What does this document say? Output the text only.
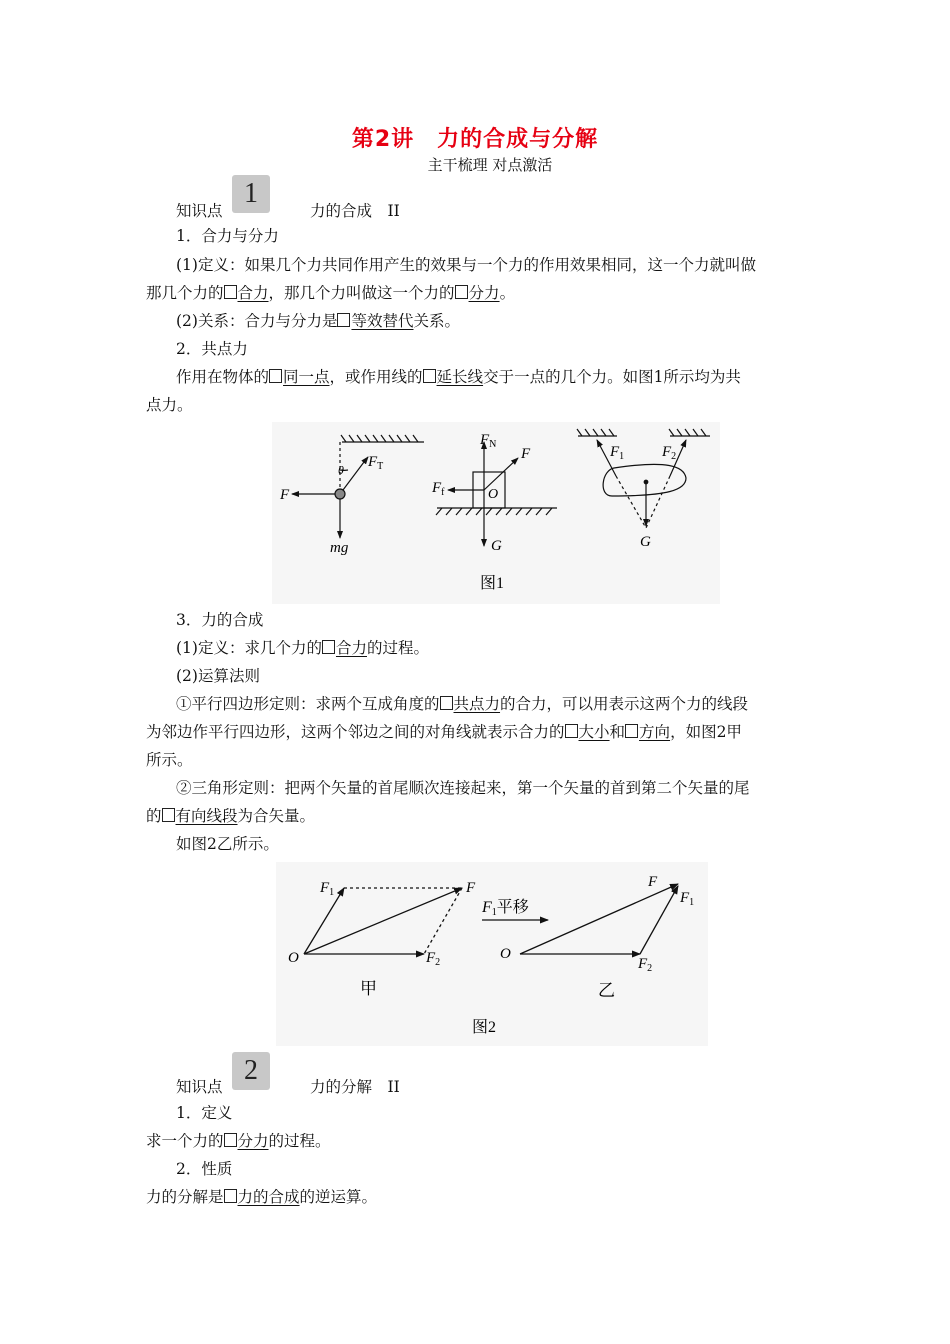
第2讲　力的合成与分解
主干梳理 对点激活
知识点
1
力的合成　II
1．合力与分力
(1)定义：如果几个力共同作用产生的效果与一个力的作用效果相同，这一个力就叫做
那几个力的 合力，那几个力叫做这一个力的 分力。
(2)关系：合力与分力是 等效替代关系。
2．共点力
作用在物体的 同一点，或作用线的 延长线交于一点的几个力。如图1所示均为共
点力。
$F_T$
θ
F
mg
$F_N$
$F_f$
F
O
G
$F_1$	$F_2$
G
图1
3．力的合成
(1)定义：求几个力的 合力的过程。
(2)运算法则
①平行四边形定则：求两个互成角度的 共点力的合力，可以用表示这两个力的线段
为邻边作平行四边形，这两个邻边之间的对角线就表示合力的 大小和 方向，如图2甲
所示。
②三角形定则：把两个矢量的首尾顺次连接起来，第一个矢量的首到第二个矢量的尾
的 有向线段为合矢量。
如图2乙所示。
$F_1$	F
O	$F_2$
F1平移
F
$F_1$
O
$F_2$
甲	乙
图2
知识点
2
力的分解　II
1．定义
求一个力的 分力的过程。
2．性质
力的分解是 力的合成的逆运算。
